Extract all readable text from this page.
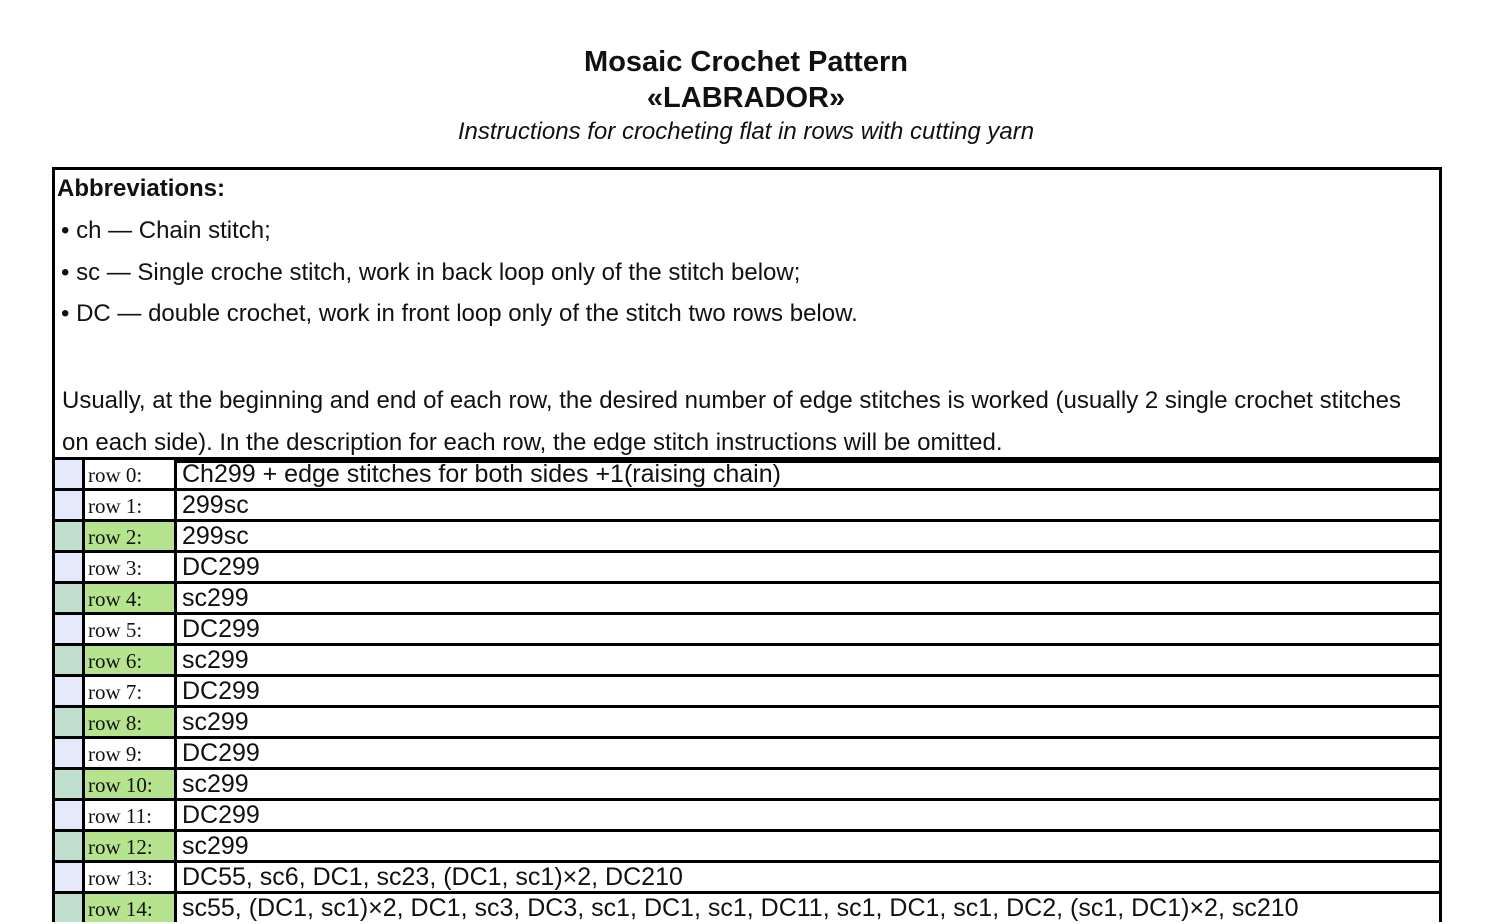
Mosaic Crochet Pattern
«LABRADOR»
Instructions for crocheting flat in rows with cutting yarn
Abbreviations:
• ch — Chain stitch;
• sc — Single croche stitch, work in back loop only of the stitch below;
• DC — double crochet, work in front loop only of the stitch two rows below.
Usually, at the beginning and end of each row, the desired number of edge stitches is worked (usually 2 single crochet stitches on each side). In the description for each row, the edge stitch instructions will be omitted.
row 0:	Ch299 + edge stitches for both sides +1(raising chain)
row 1:	299sc
row 2:	299sc
row 3:	DC299
row 4:	sc299
row 5:	DC299
row 6:	sc299
row 7:	DC299
row 8:	sc299
row 9:	DC299
row 10:	sc299
row 11:	DC299
row 12:	sc299
row 13:	DC55, sc6, DC1, sc23, (DC1, sc1)×2, DC210
row 14:	sc55, (DC1, sc1)×2, DC1, sc3, DC3, sc1, DC1, sc1, DC11, sc1, DC1, sc1, DC2, (sc1, DC1)×2, sc210
